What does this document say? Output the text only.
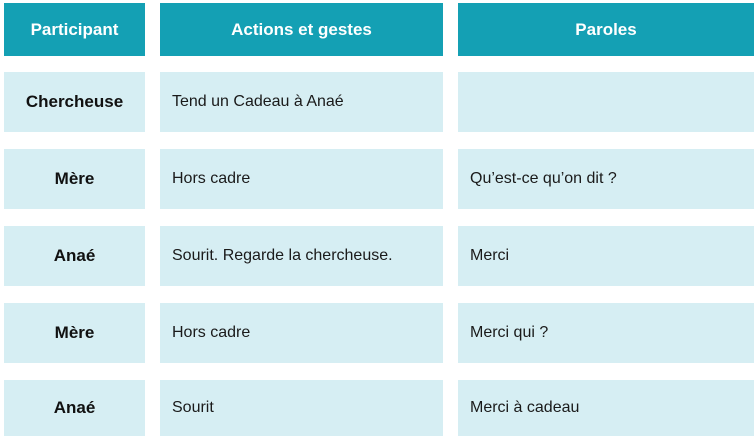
Participant	Actions et gestes	Paroles
Chercheuse	Tend un Cadeau à Anaé
Mère	Hors cadre	Qu’est-ce qu’on dit ?
Anaé	Sourit. Regarde la chercheuse.	Merci
Mère	Hors cadre	Merci qui ?
Anaé	Sourit	Merci à cadeau
